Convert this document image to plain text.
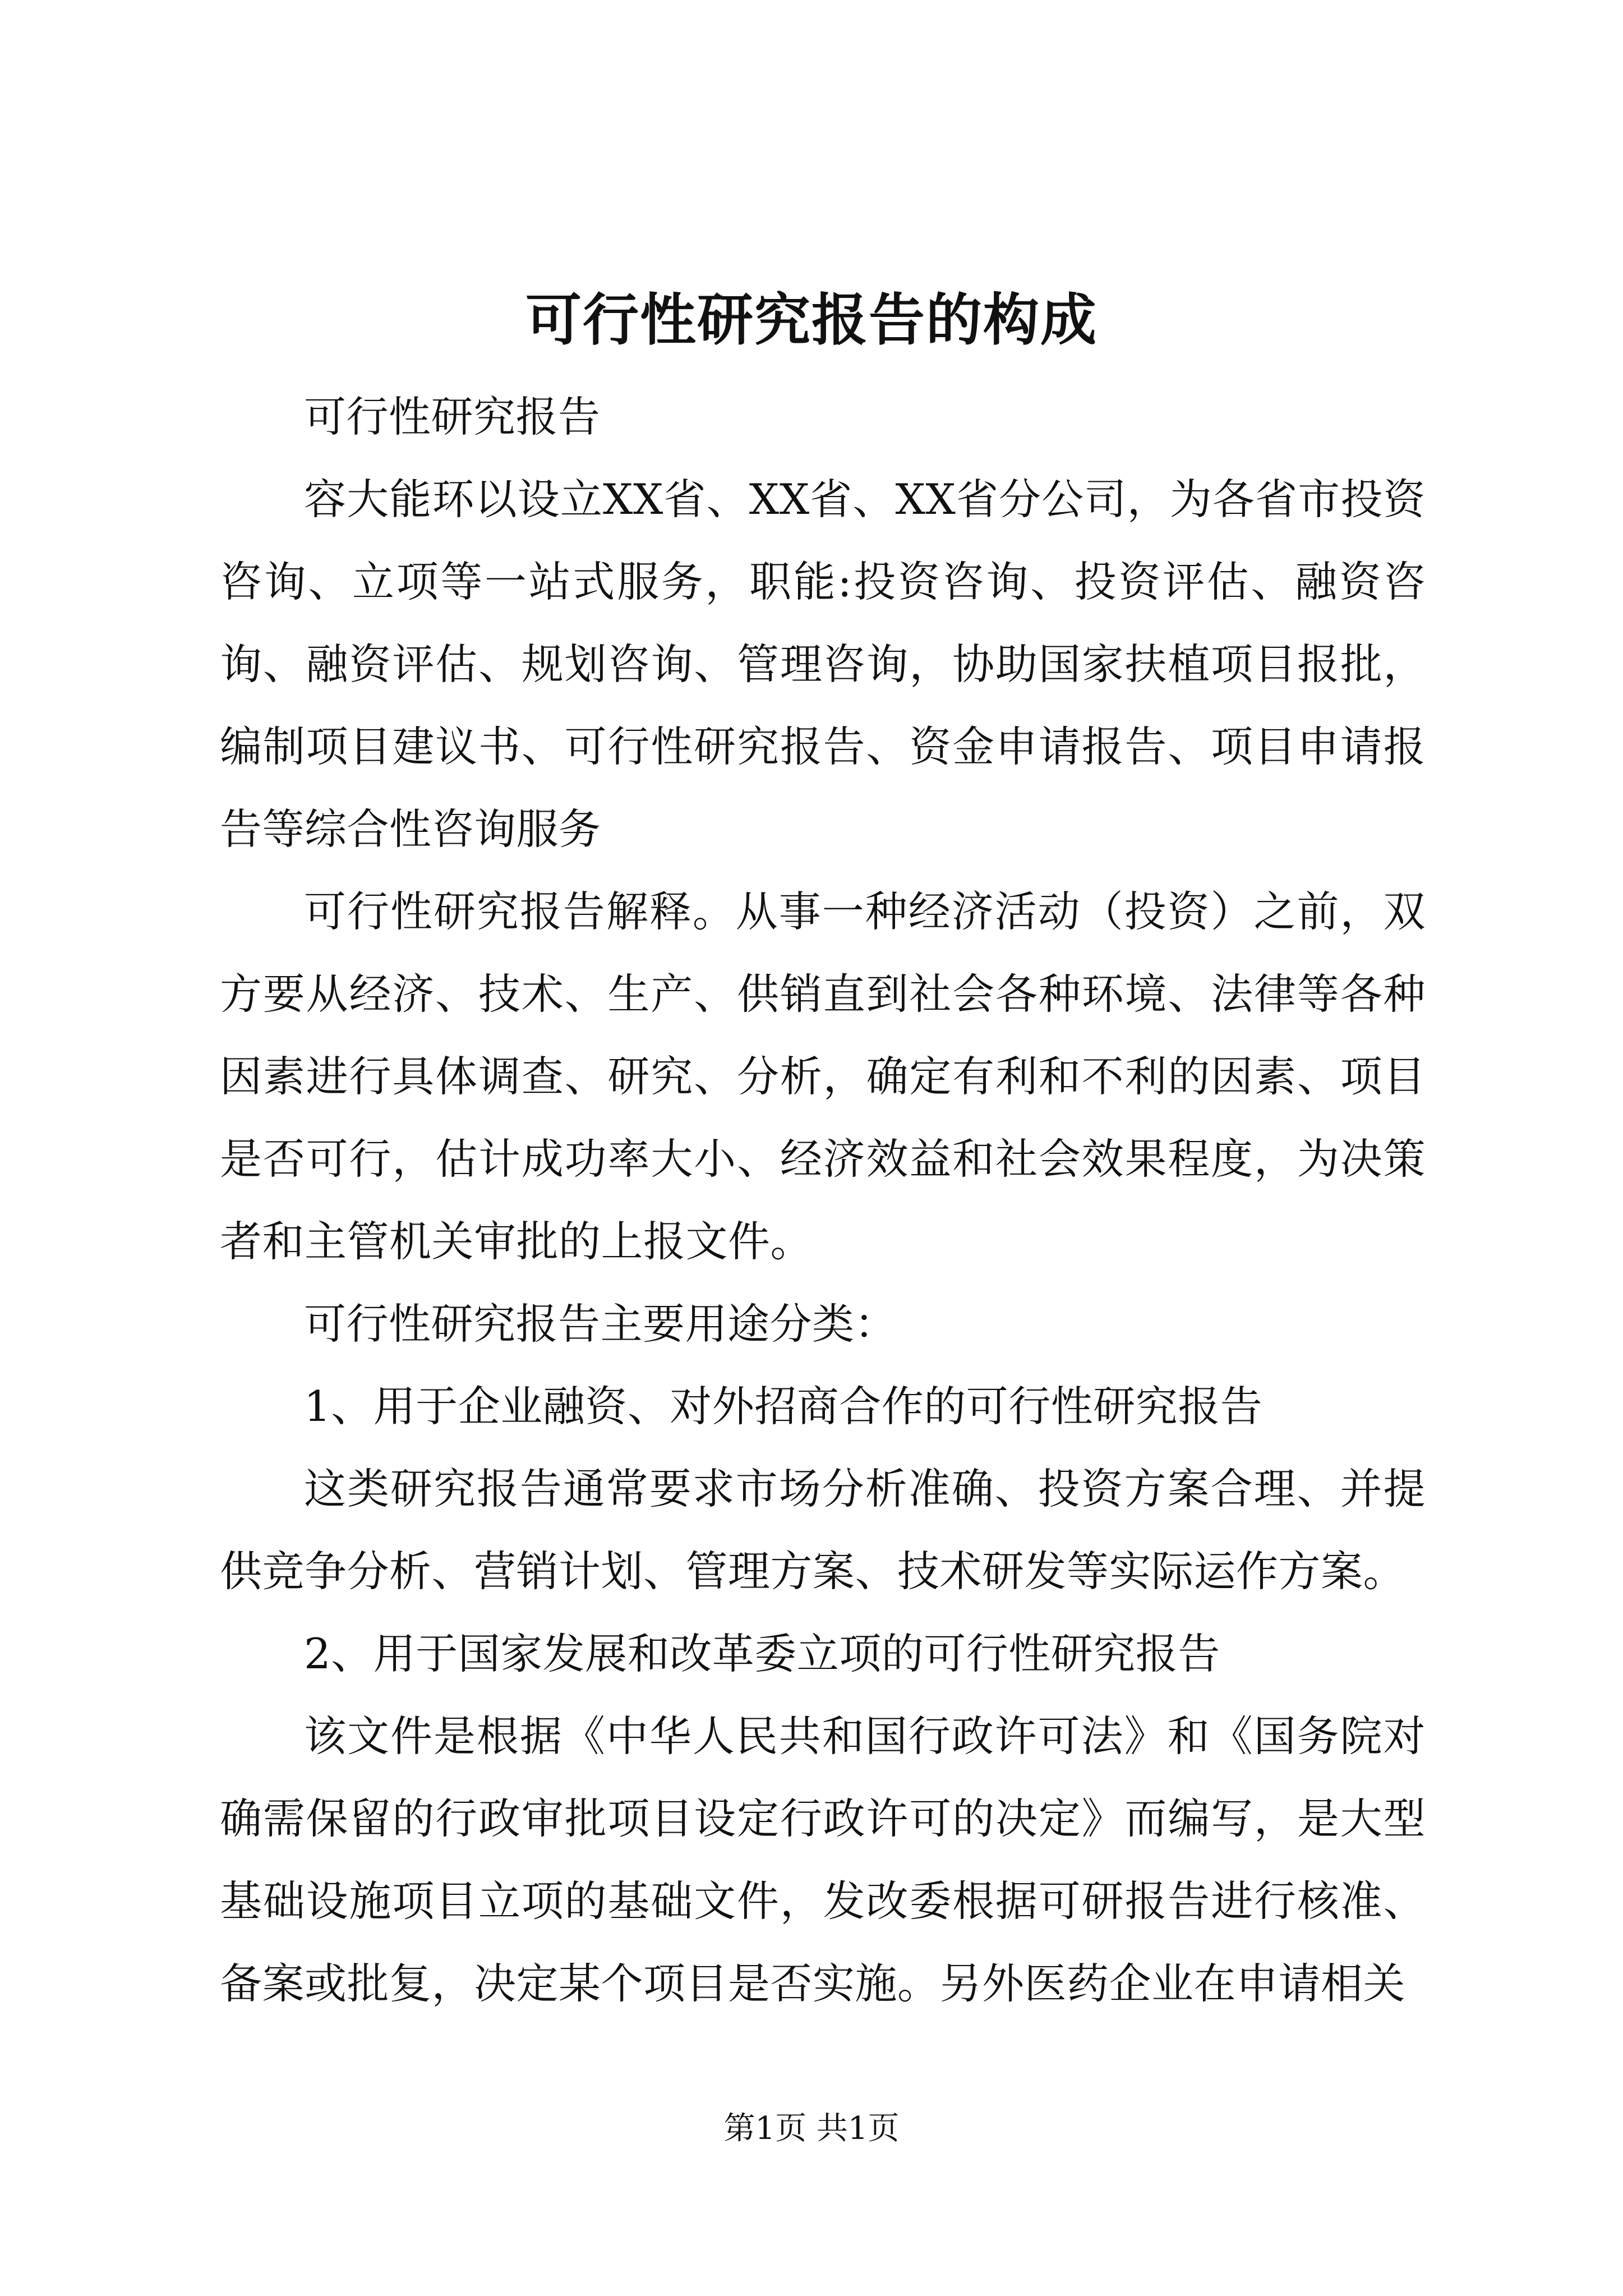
可行性研究报告的构成

可行性研究报告

容大能环以设立XX省、XX省、XX省分公司，为各省市投资咨询、立项等一站式服务，职能:投资咨询、投资评估、融资咨询、融资评估、规划咨询、管理咨询，协助国家扶植项目报批，编制项目建议书、可行性研究报告、资金申请报告、项目申请报告等综合性咨询服务

可行性研究报告解释。从事一种经济活动（投资）之前，双方要从经济、技术、生产、供销直到社会各种环境、法律等各种因素进行具体调查、研究、分析，确定有利和不利的因素、项目是否可行，估计成功率大小、经济效益和社会效果程度，为决策者和主管机关审批的上报文件。

可行性研究报告主要用途分类：

1、用于企业融资、对外招商合作的可行性研究报告

这类研究报告通常要求市场分析准确、投资方案合理、并提供竞争分析、营销计划、管理方案、技术研发等实际运作方案。

2、用于国家发展和改革委立项的可行性研究报告

该文件是根据《中华人民共和国行政许可法》和《国务院对确需保留的行政审批项目设定行政许可的决定》而编写，是大型基础设施项目立项的基础文件，发改委根据可研报告进行核准、备案或批复，决定某个项目是否实施。另外医药企业在申请相关

第1页 共1页
